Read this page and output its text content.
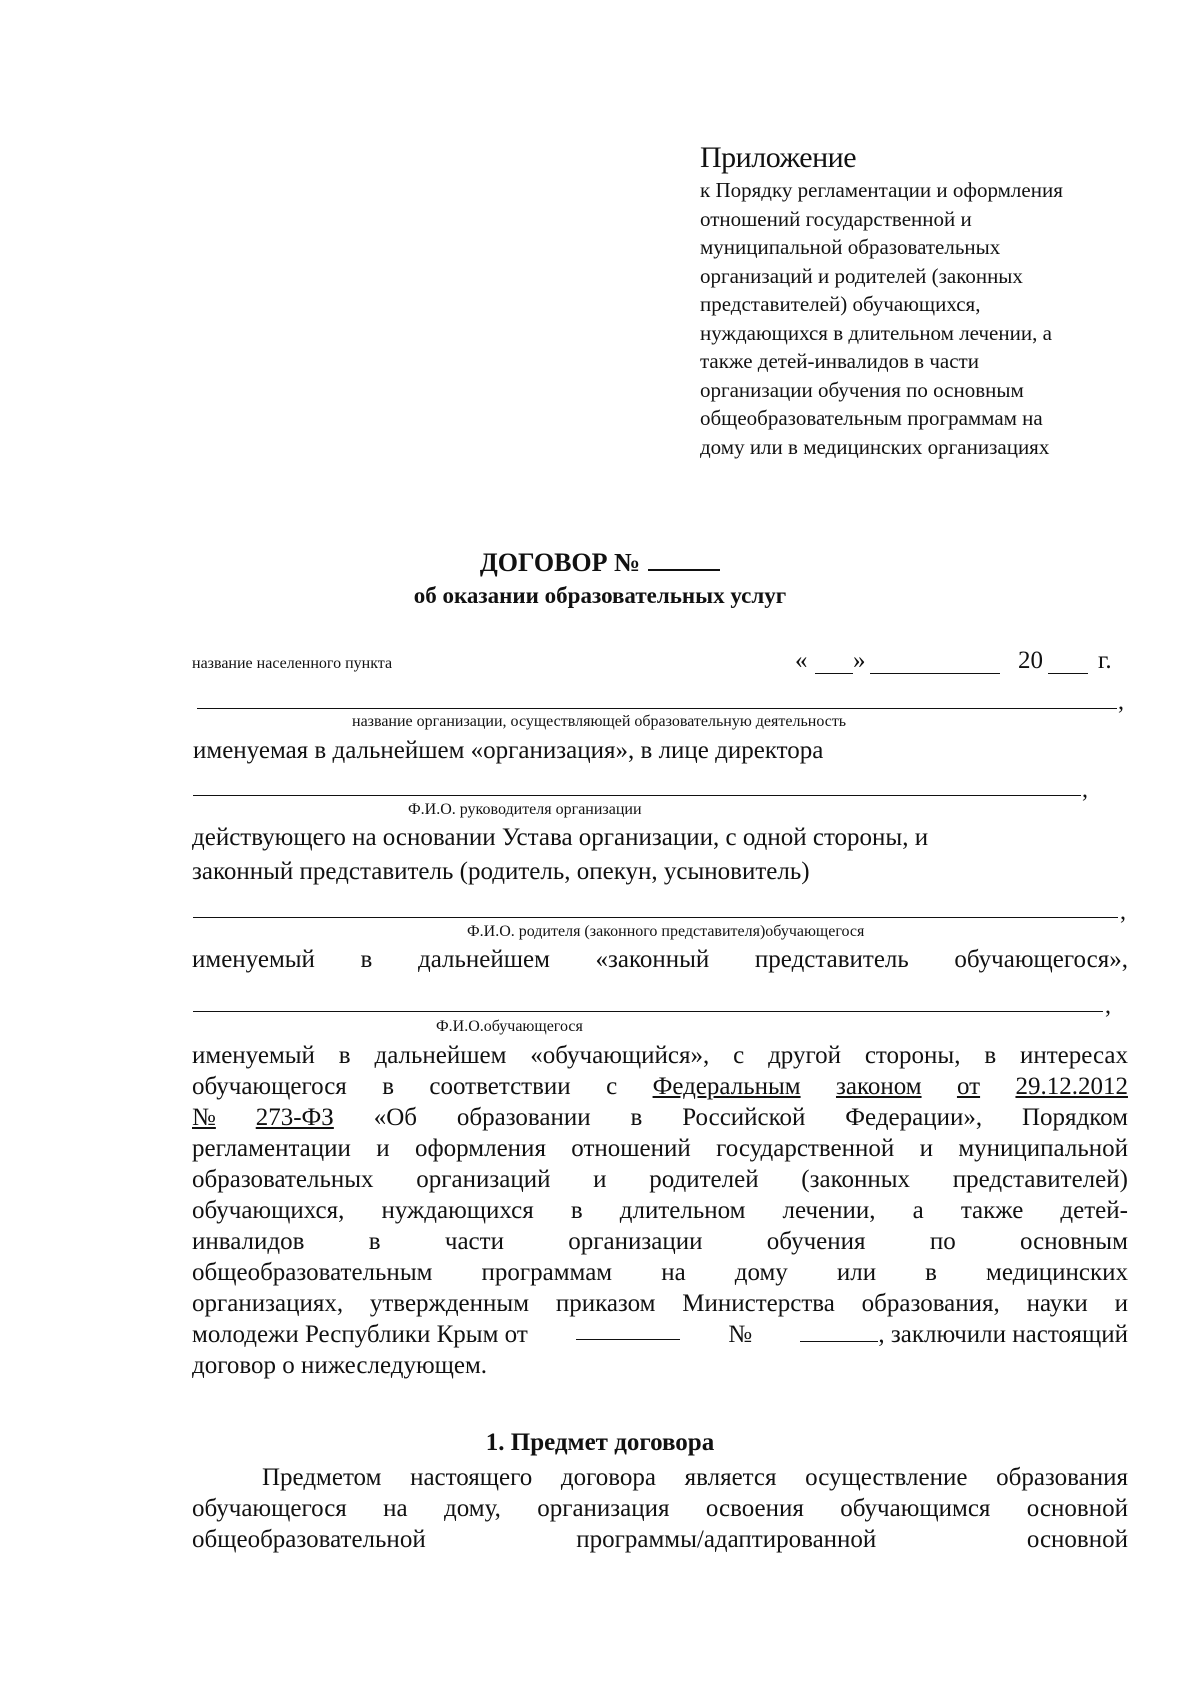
Приложение
к Порядку регламентации и оформления
отношений государственной и
муниципальной образовательных
организаций и родителей (законных
представителей) обучающихся,
нуждающихся в длительном лечении, а
также детей-инвалидов в части
организации обучения по основным
общеобразовательным программам на
дому или в медицинских организациях
ДОГОВОР №
об оказании образовательных услуг
название населенного пункта	« »	20 г.
,
название организации, осуществляющей образовательную деятельность
именуемая в дальнейшем «организация», в лице директора
,
Ф.И.О. руководителя организации
действующего на основании Устава организации, с одной стороны, и
законный представитель (родитель, опекун, усыновитель)
,
Ф.И.О. родителя (законного представителя)обучающегося
именуемый в дальнейшем «законный представитель обучающегося»,
,
Ф.И.О.обучающегося
именуемый в дальнейшем «обучающийся», с другой стороны, в интересах
обучающегося в соответствии с Федеральным законом от 29.12.2012
№ 273-ФЗ «Об образовании в Российской Федерации», Порядком
регламентации и оформления отношений государственной и муниципальной
образовательных организаций и родителей (законных представителей)
обучающихся, нуждающихся в длительном лечении, а также детей-
инвалидов	в	части	организации	обучения	по	основным
общеобразовательным программам на дому или в медицинских
организациях, утвержденным приказом Министерства образования, науки и
молодежи Республики Крым от	№	, заключили настоящий
договор о нижеследующем.
1. Предмет договора
Предметом настоящего договора является осуществление образования
обучающегося на дому, организация освоения обучающимся основной
общеобразовательной	программы/адаптированной	основной
